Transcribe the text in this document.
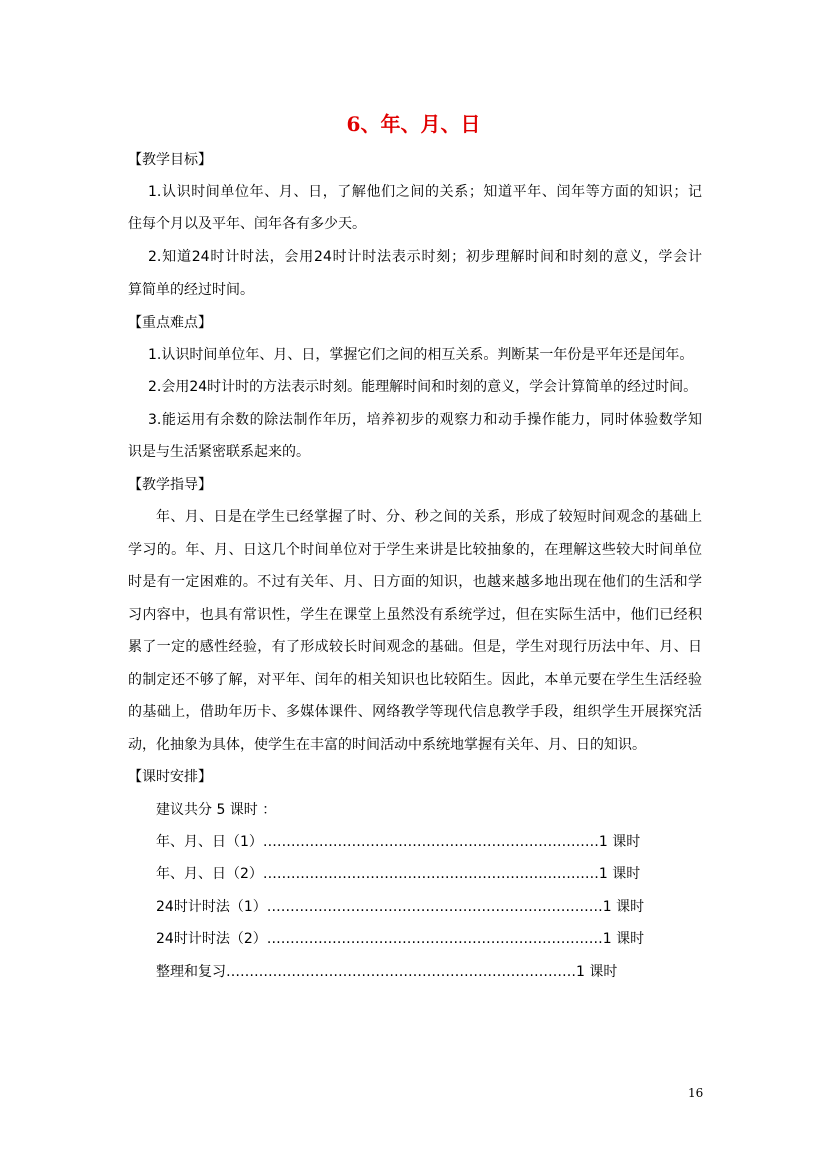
6、年、月、日
【教学目标】
1.认识时间单位年、月、日，了解他们之间的关系；知道平年、闰年等方面的知识；记
住每个月以及平年、闰年各有多少天。
2.知道24时计时法，会用24时计时法表示时刻；初步理解时间和时刻的意义，学会计
算简单的经过时间。
【重点难点】
1.认识时间单位年、月、日，掌握它们之间的相互关系。判断某一年份是平年还是闰年。
2.会用24时计时的方法表示时刻。能理解时间和时刻的意义，学会计算简单的经过时间。
3.能运用有余数的除法制作年历，培养初步的观察力和动手操作能力，同时体验数学知
识是与生活紧密联系起来的。
【教学指导】
年、月、日是在学生已经掌握了时、分、秒之间的关系，形成了较短时间观念的基础上
学习的。年、月、日这几个时间单位对于学生来讲是比较抽象的，在理解这些较大时间单位
时是有一定困难的。不过有关年、月、日方面的知识，也越来越多地出现在他们的生活和学
习内容中，也具有常识性，学生在课堂上虽然没有系统学过，但在实际生活中，他们已经积
累了一定的感性经验，有了形成较长时间观念的基础。但是，学生对现行历法中年、月、日
的制定还不够了解，对平年、闰年的相关知识也比较陌生。因此，本单元要在学生生活经验
的基础上，借助年历卡、多媒体课件、网络教学等现代信息教学手段，组织学生开展探究活
动，化抽象为具体，使学生在丰富的时间活动中系统地掌握有关年、月、日的知识。
【课时安排】
建议共分 5 课时 ：
年、月、日（1）………………………………………………………………1 课时
年、月、日（2）………………………………………………………………1 课时
24时计时法（1）………………………………………………………………1 课时
24时计时法（2）………………………………………………………………1 课时
整理和复习…………………………………………………………………1 课时
16
